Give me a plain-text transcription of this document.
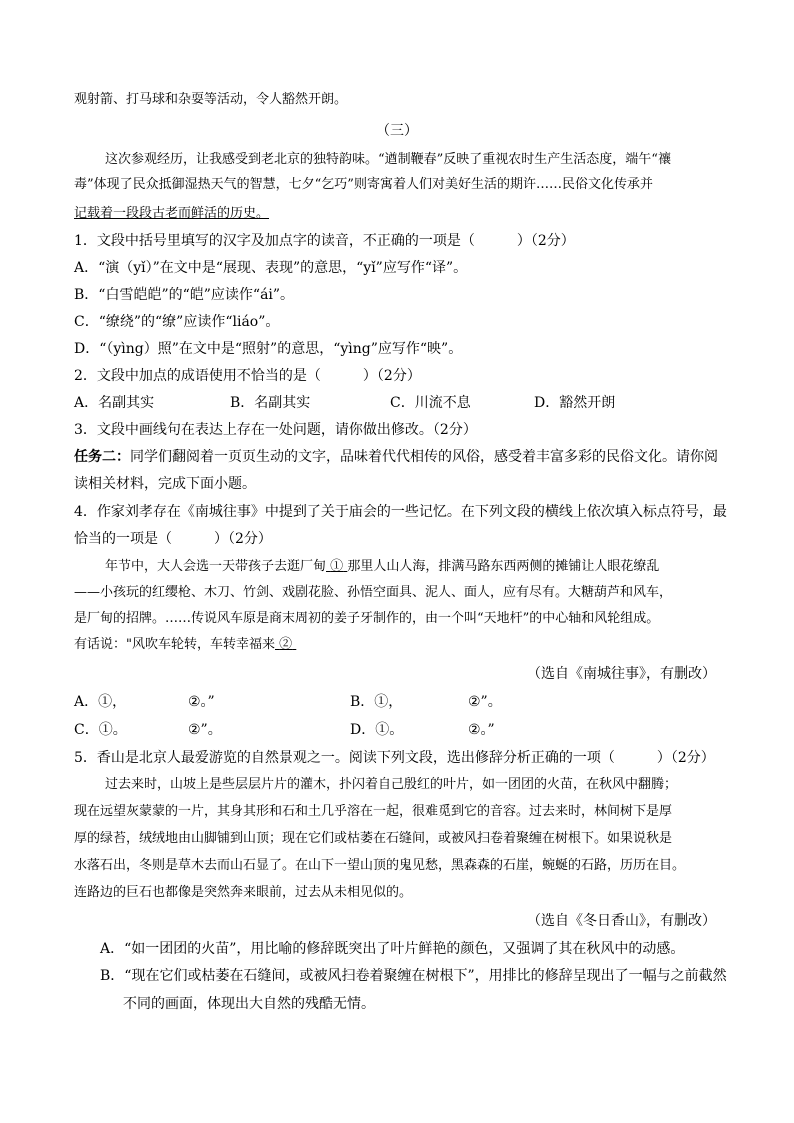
观射箭、打马球和杂耍等活动，令人豁然开朗。
（三）
这次参观经历，让我感受到老北京的独特韵味。“遒制鞭春”反映了重视农时生产生活态度，端午“禳
毒”体现了民众抵御湿热天气的智慧，七夕“乞巧”则寄寓着人们对美好生活的期许……民俗文化传承并
记载着一段段古老而鲜活的历史。
1．文段中括号里填写的汉字及加点字的读音，不正确的一项是（　　　）（2分）
A．“演（yǐ）”在文中是“展现、表现”的意思，“yǐ”应写作“译”。
B．“白雪皑皑”的“皑”应读作“ái”。
C．“缭绕”的“缭”应读作“liáo”。
D．“（yìng）照”在文中是“照射”的意思，“yìng”应写作“映”。
2．文段中加点的成语使用不恰当的是（　　　）（2分）
A．名副其实	B．名副其实	C．川流不息	D．豁然开朗
3．文段中画线句在表达上存在一处问题，请你做出修改。（2分）
任务二：同学们翻阅着一页页生动的文字，品味着代代相传的风俗，感受着丰富多彩的民俗文化。请你阅
读相关材料，完成下面小题。
4．作家刘孝存在《南城往事》中提到了关于庙会的一些记忆。在下列文段的横线上依次填入标点符号，最
恰当的一项是（　　　）（2分）
年节中，大人会选一天带孩子去逛厂甸 ① 那里人山人海，排满马路东西两侧的摊铺让人眼花缭乱
——小孩玩的红缨枪、木刀、竹剑、戏剧花脸、孙悟空面具、泥人、面人，应有尽有。大糖葫芦和风车，
是厂甸的招牌。……传说风车原是商末周初的姜子牙制作的，由一个叫“天地杆”的中心轴和风轮组成。
有话说："风吹车轮转，车转幸福来 ②
（选自《南城往事》，有删改）
A．①，	②。”	B．①，	②”。
C．①。	②”。	D．①。	②。”
5．香山是北京人最爱游览的自然景观之一。阅读下列文段，选出修辞分析正确的一项（　　　）（2分）
过去来时，山坡上是些层层片片的灌木，扑闪着自己殷红的叶片，如一团团的火苗，在秋风中翻腾；
现在远望灰蒙蒙的一片，其身其形和石和土几乎溶在一起，很难觅到它的音容。过去来时，林间树下是厚
厚的绿苔，绒绒地由山脚铺到山顶；现在它们或枯萎在石缝间，或被风扫卷着聚缠在树根下。如果说秋是
水落石出，冬则是草木去而山石显了。在山下一望山顶的鬼见愁，黑森森的石崖，蜿蜒的石路，历历在目。
连路边的巨石也都像是突然奔来眼前，过去从未相见似的。
（选自《冬日香山》，有删改）
A．“如一团团的火苗”，用比喻的修辞既突出了叶片鲜艳的颜色，又强调了其在秋风中的动感。
B．“现在它们或枯萎在石缝间，或被风扫卷着聚缠在树根下”，用排比的修辞呈现出了一幅与之前截然
不同的画面，体现出大自然的残酷无情。
